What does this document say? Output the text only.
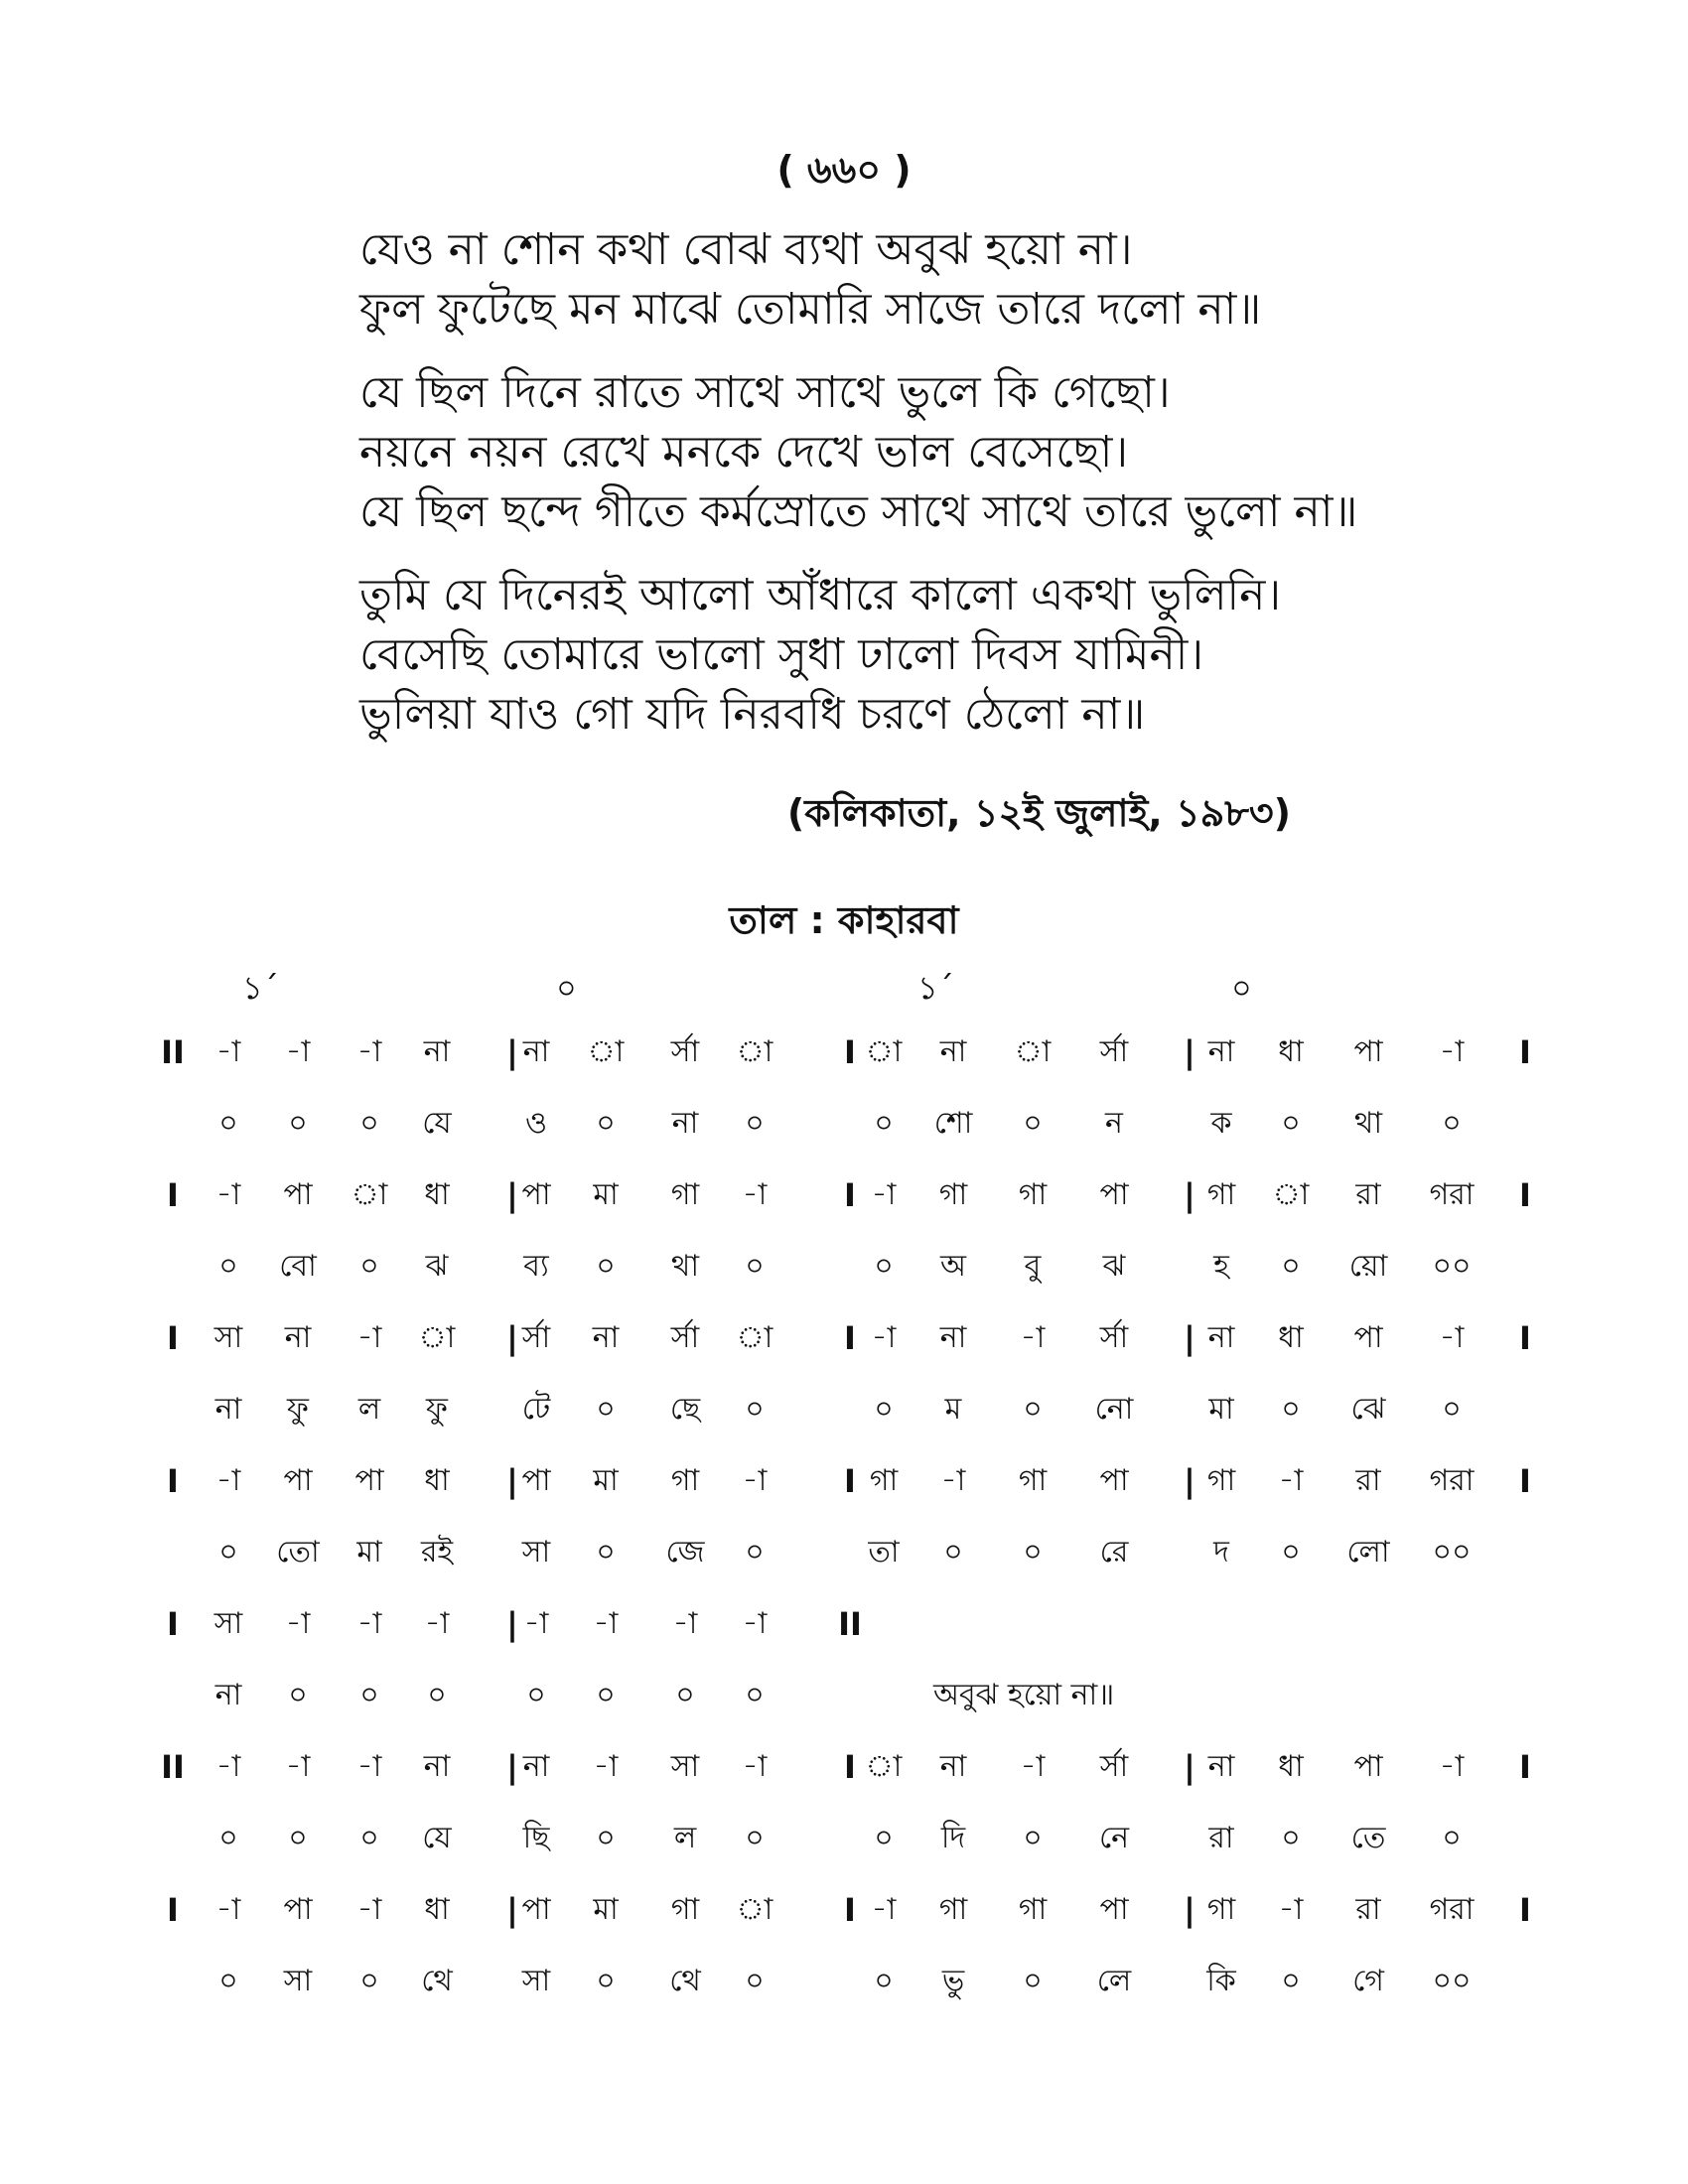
( ৬৬০ )
যেও না শোন কথা বোঝ ব্যথা অবুঝ হয়ো না।
ফুল ফুটেছে মন মাঝে তোমারি সাজে তারে দলো না॥
যে ছিল দিনে রাতে সাথে সাথে ভুলে কি গেছো।
নয়নে নয়ন রেখে মনকে দেখে ভাল বেসেছো।
যে ছিল ছন্দে গীতে কর্মস্রোতে সাথে সাথে তারে ভুলো না॥
তুমি যে দিনেরই আলো আঁধারে কালো একথা ভুলিনি।
বেসেছি তোমারে ভালো সুধা ঢালো দিবস যামিনী।
ভুলিয়া যাও গো যদি নিরবধি চরণে ঠেলো না॥
(কলিকাতা, ১২ই জুলাই, ১৯৮৩)
তাল : কাহারবা
১´	০	১´	০
II	-া	-া	-া	না	| না	া	র্সা	া	I া	না	া	র্সা	| না	ধা	পা	-া	I
০	০	০	যে	ও	০	না	০	০	শো	০	ন	ক	০	থা	০
I	-া	পা	া	ধা	| পা	মা	গা	-া	I -া	গা	গা	পা	| গা	া	রা	গরা I
০	বো	০	ঝ	ব্য	০	থা	০	০	অ	বু	ঝ	হ	০	য়ো	০০
I	সা	না	-া	া	| র্সা	না	র্সা	া	I -া	না	-া	র্সা	| না	ধা	পা	-া	I
না	ফু	ল	ফু	টে	০	ছে	০	০	ম	০	নো	মা	০	ঝে	০
I	-া	পা	পা	ধা	| পা	মা	গা	-া	I গা	-া	গা	পা	| গা	-া	রা	গরা I
০	তো	মা	রই	সা	০	জে	০	তা	০	০	রে	দ	০	লো	০০
I	সা	-া	-া	-া	| -া	-া	-া	-া	II
না	০	০	০	০	০	০	০	অবুঝ হয়ো না॥
II	-া	-া	-া	না	| না	-া	সা	-া	I া	না	-া	র্সা	| না	ধা	পা	-া	I
০	০	০	যে	ছি	০	ল	০	০	দি	০	নে	রা	০	তে	০
I	-া	পা	-া	ধা	| পা	মা	গা	া	I -া	গা	গা	পা	| গা	-া	রা	গরা I
০	সা	০	থে	সা	০	থে	০	০	ভু	০	লে	কি	০	গে	০০
